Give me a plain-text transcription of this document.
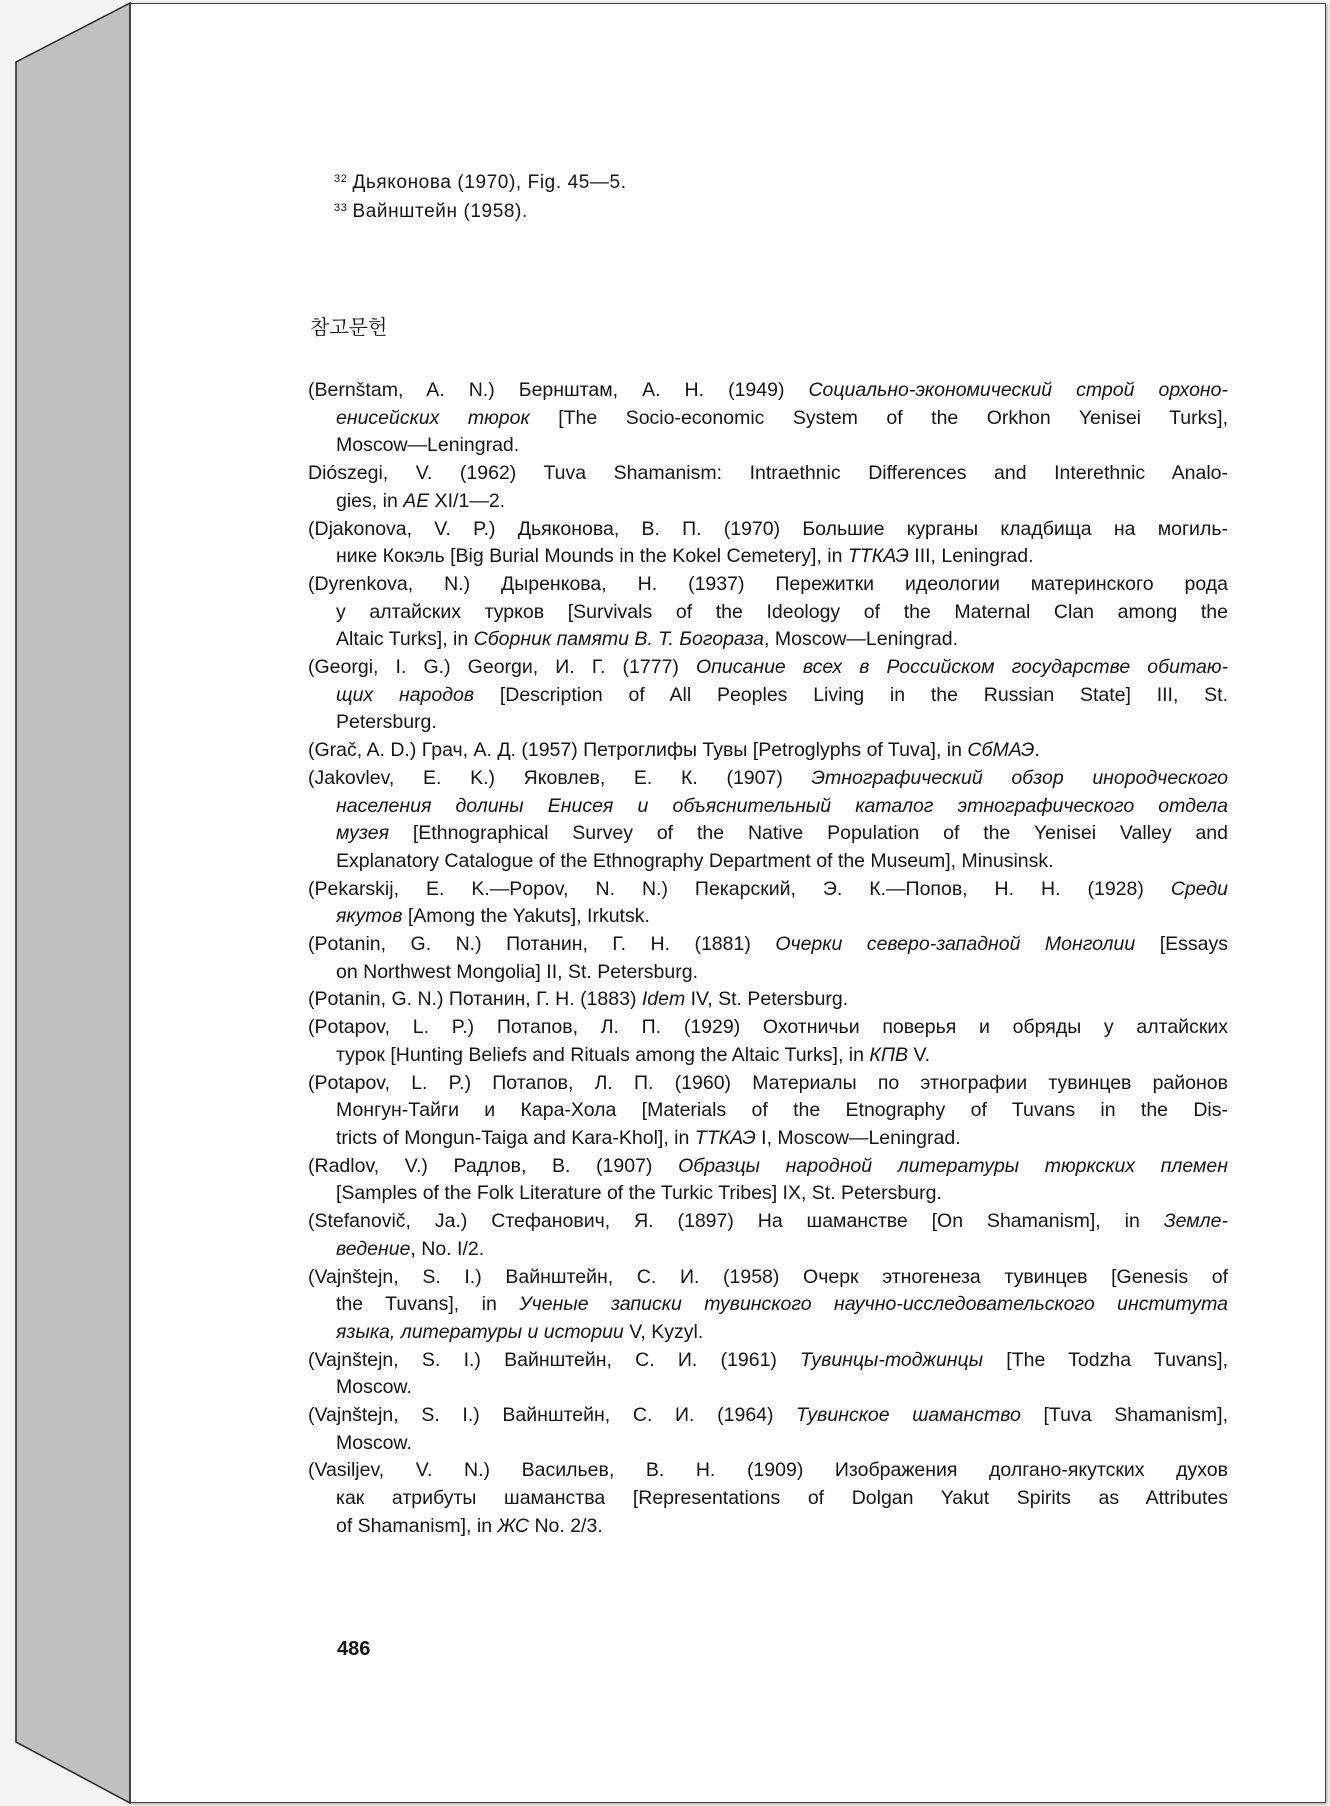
$^{32}$ Дьяконова (1970), Fig. 45—5.
$^{33}$ Вайнштейн (1958).
참고문헌
(Bernštam, A. N.) Бернштам, А. Н. (1949) Социально-экономический строй орхоно-
енисейских тюрок [The Socio-economic System of the Orkhon Yenisei Turks],
Moscow—Leningrad.
Diószegi, V. (1962) Tuva Shamanism: Intraethnic Differences and Interethnic Analo-
gies, in AE XI/1—2.
(Djakonova, V. P.) Дьяконова, В. П. (1970) Большие курганы кладбища на могиль-
нике Кокэль [Big Burial Mounds in the Kokel Cemetery], in ТТКАЭ III, Leningrad.
(Dyrenkova, N.) Дыренкова, Н. (1937) Пережитки идеологии материнского рода
у алтайских турков [Survivals of the Ideology of the Maternal Clan among the
Altaic Turks], in Сборник памяти В. Т. Богораза, Moscow—Leningrad.
(Georgi, I. G.) Georgи, И. Г. (1777) Описание всех в Российском государстве обитаю-
щих народов [Description of All Peoples Living in the Russian State] III, St.
Petersburg.
(Grač, A. D.) Грач, А. Д. (1957) Петроглифы Тувы [Petroglyphs of Tuva], in СбМАЭ.
(Jakovlev, E. K.) Яковлев, Е. К. (1907) Этнографический обзор инородческого
населения долины Енисея и объяснительный каталог этнографического отдела
музея [Ethnographical Survey of the Native Population of the Yenisei Valley and
Explanatory Catalogue of the Ethnography Department of the Museum], Minusinsk.
(Pekarskij, E. K.—Popov, N. N.) Пекарский, Э. К.—Попов, Н. Н. (1928) Среди
якутов [Among the Yakuts], Irkutsk.
(Potanin, G. N.) Потанин, Г. Н. (1881) Очерки северо-западной Монголии [Essays
on Northwest Mongolia] II, St. Petersburg.
(Potanin, G. N.) Потанин, Г. Н. (1883) Idem IV, St. Petersburg.
(Potapov, L. P.) Потапов, Л. П. (1929) Охотничьи поверья и обряды у алтайских
турок [Hunting Beliefs and Rituals among the Altaic Turks], in КПВ V.
(Potapov, L. P.) Потапов, Л. П. (1960) Материалы по этнографии тувинцев районов
Монгун-Тайги и Кара-Хола [Materials of the Etnography of Tuvans in the Dis-
tricts of Mongun-Taiga and Kara-Khol], in ТТКАЭ I, Moscow—Leningrad.
(Radlov, V.) Радлов, В. (1907) Образцы народной литературы тюркских племен
[Samples of the Folk Literature of the Turkic Tribes] IX, St. Petersburg.
(Stefanovič, Ja.) Стефанович, Я. (1897) На шаманстве [On Shamanism], in Земле-
ведение, No. I/2.
(Vajnštejn, S. I.) Вайнштейн, С. И. (1958) Очерк этногенеза тувинцев [Genesis of
the Tuvans], in Ученые записки тувинского научно-исследовательского института
языка, литературы и истории V, Kyzyl.
(Vajnštejn, S. I.) Вайнштейн, С. И. (1961) Тувинцы-тоджинцы [The Todzha Tuvans],
Moscow.
(Vajnštejn, S. I.) Вайнштейн, С. И. (1964) Тувинское шаманство [Tuva Shamanism],
Moscow.
(Vasiljev, V. N.) Васильев, В. Н. (1909) Изображения долгано-якутских духов
как атрибуты шаманства [Representations of Dolgan Yakut Spirits as Attributes
of Shamanism], in ЖС No. 2/3.
486
